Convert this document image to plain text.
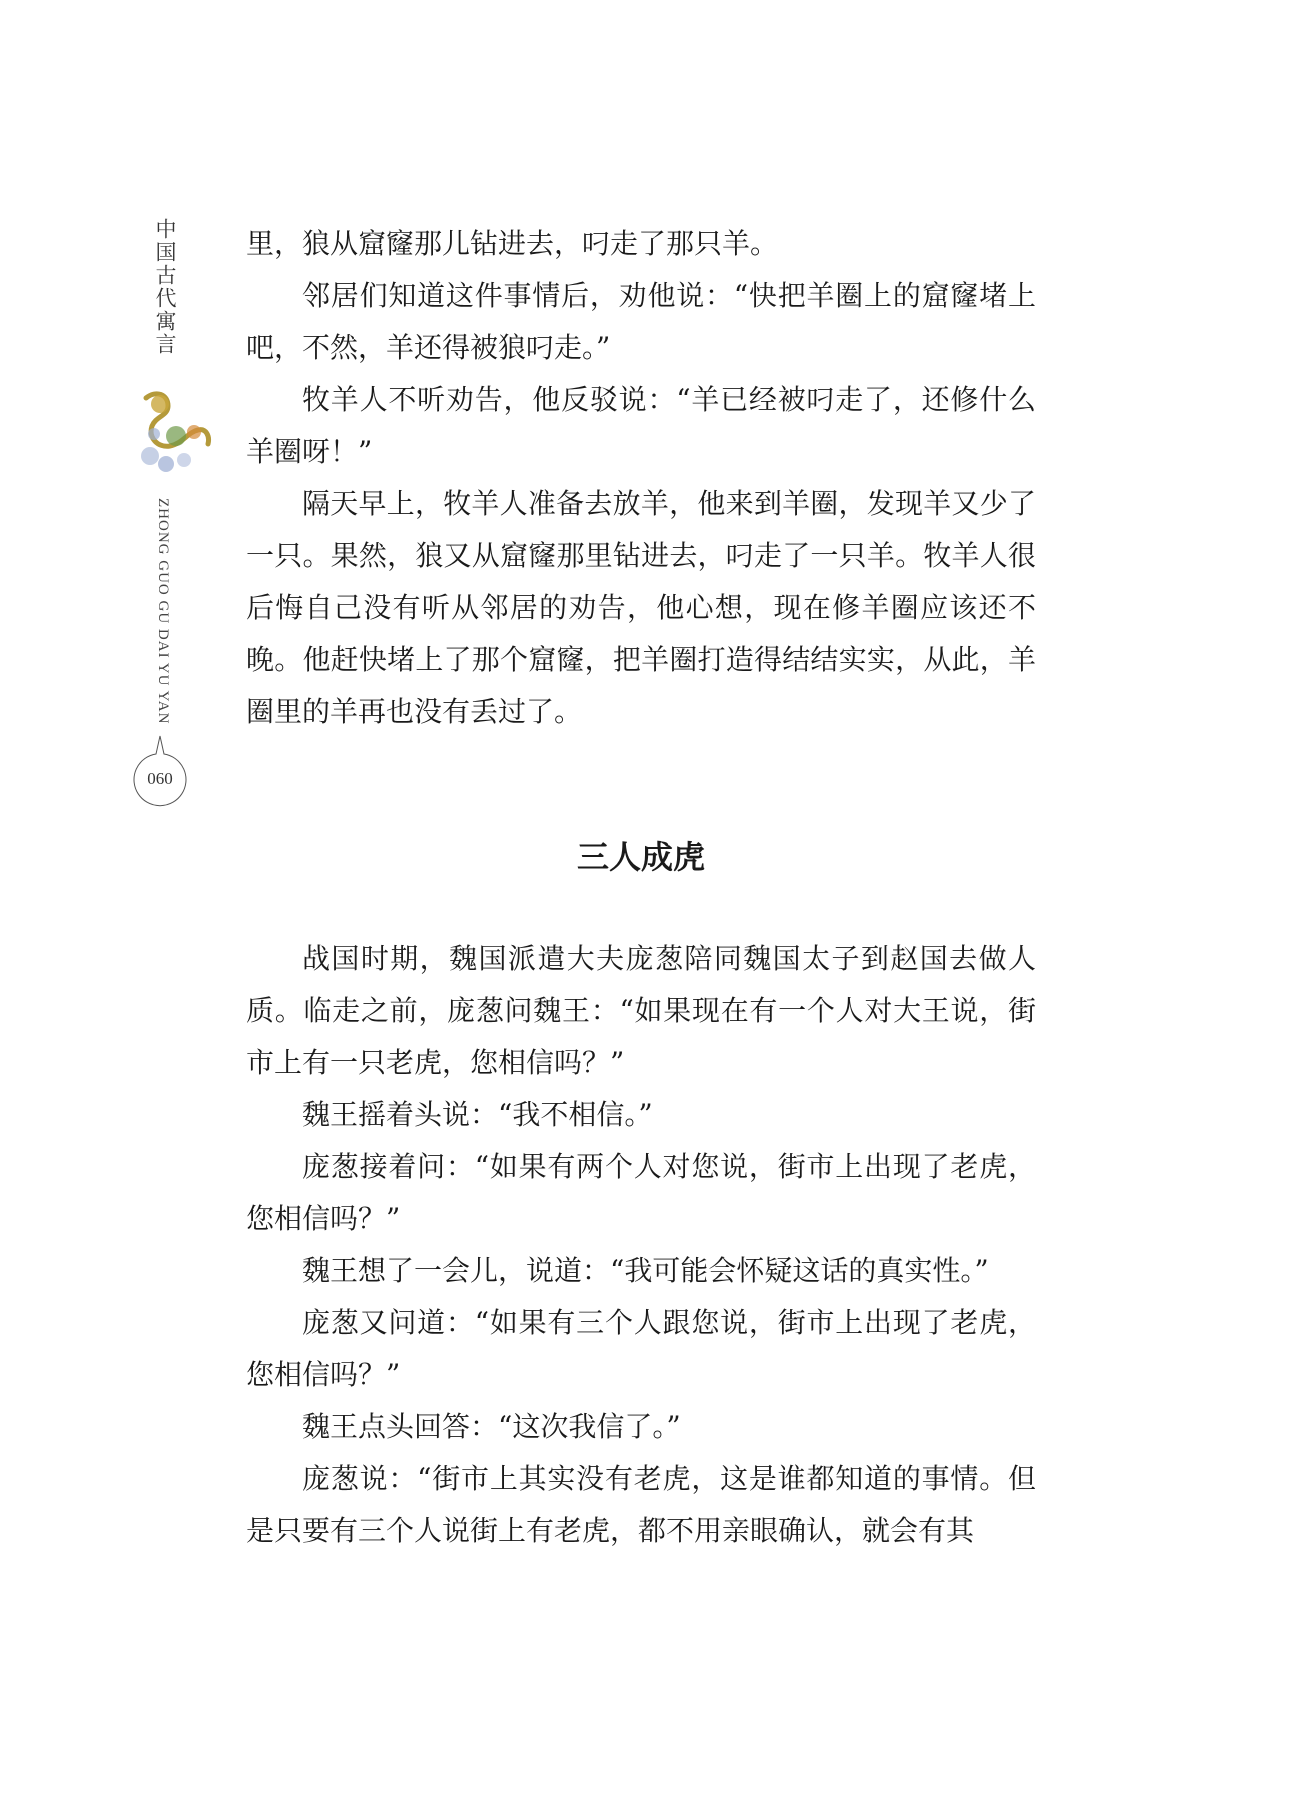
中国古代寓言
ZHONG GUO GU DAI YU YAN
060

里，狼从窟窿那儿钻进去，叼走了那只羊。

邻居们知道这件事情后，劝他说：“快把羊圈上的窟窿堵上吧，不然，羊还得被狼叼走。”

牧羊人不听劝告，他反驳说：“羊已经被叼走了，还修什么羊圈呀！”

隔天早上，牧羊人准备去放羊，他来到羊圈，发现羊又少了一只。果然，狼又从窟窿那里钻进去，叼走了一只羊。牧羊人很后悔自己没有听从邻居的劝告，他心想，现在修羊圈应该还不晚。他赶快堵上了那个窟窿，把羊圈打造得结结实实，从此，羊圈里的羊再也没有丢过了。

三人成虎

战国时期，魏国派遣大夫庞葱陪同魏国太子到赵国去做人质。临走之前，庞葱问魏王：“如果现在有一个人对大王说，街市上有一只老虎，您相信吗？”

魏王摇着头说：“我不相信。”

庞葱接着问：“如果有两个人对您说，街市上出现了老虎，您相信吗？”

魏王想了一会儿，说道：“我可能会怀疑这话的真实性。”

庞葱又问道：“如果有三个人跟您说，街市上出现了老虎，您相信吗？”

魏王点头回答：“这次我信了。”

庞葱说：“街市上其实没有老虎，这是谁都知道的事情。但是只要有三个人说街上有老虎，都不用亲眼确认，就会有其
